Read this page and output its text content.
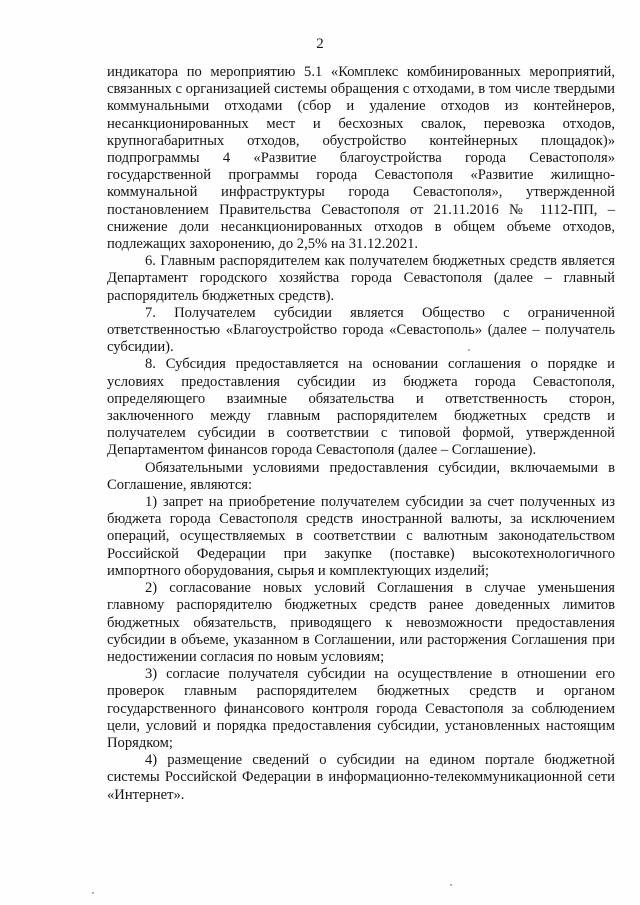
2

индикатора по мероприятию 5.1 «Комплекс комбинированных мероприятий, связанных с организацией системы обращения с отходами, в том числе твердыми коммунальными отходами (сбор и удаление отходов из контейнеров, несанкционированных мест и бесхозных свалок, перевозка отходов, крупногабаритных отходов, обустройство контейнерных площадок)» подпрограммы 4 «Развитие благоустройства города Севастополя» государственной программы города Севастополя «Развитие жилищно-коммунальной инфраструктуры города Севастополя», утвержденной постановлением Правительства Севастополя от 21.11.2016 № 1112-ПП, – снижение доли несанкционированных отходов в общем объеме отходов, подлежащих захоронению, до 2,5% на 31.12.2021.

6. Главным распорядителем как получателем бюджетных средств является Департамент городского хозяйства города Севастополя (далее – главный распорядитель бюджетных средств).

7. Получателем субсидии является Общество с ограниченной ответственностью «Благоустройство города «Севастополь» (далее – получатель субсидии).

8. Субсидия предоставляется на основании соглашения о порядке и условиях предоставления субсидии из бюджета города Севастополя, определяющего взаимные обязательства и ответственность сторон, заключенного между главным распорядителем бюджетных средств и получателем субсидии в соответствии с типовой формой, утвержденной Департаментом финансов города Севастополя (далее – Соглашение).

Обязательными условиями предоставления субсидии, включаемыми в Соглашение, являются:

1) запрет на приобретение получателем субсидии за счет полученных из бюджета города Севастополя средств иностранной валюты, за исключением операций, осуществляемых в соответствии с валютным законодательством Российской Федерации при закупке (поставке) высокотехнологичного импортного оборудования, сырья и комплектующих изделий;

2) согласование новых условий Соглашения в случае уменьшения главному распорядителю бюджетных средств ранее доведенных лимитов бюджетных обязательств, приводящего к невозможности предоставления субсидии в объеме, указанном в Соглашении, или расторжения Соглашения при недостижении согласия по новым условиям;

3) согласие получателя субсидии на осуществление в отношении его проверок главным распорядителем бюджетных средств и органом государственного финансового контроля города Севастополя за соблюдением цели, условий и порядка предоставления субсидии, установленных настоящим Порядком;

4) размещение сведений о субсидии на едином портале бюджетной системы Российской Федерации в информационно-телекоммуникационной сети «Интернет».
